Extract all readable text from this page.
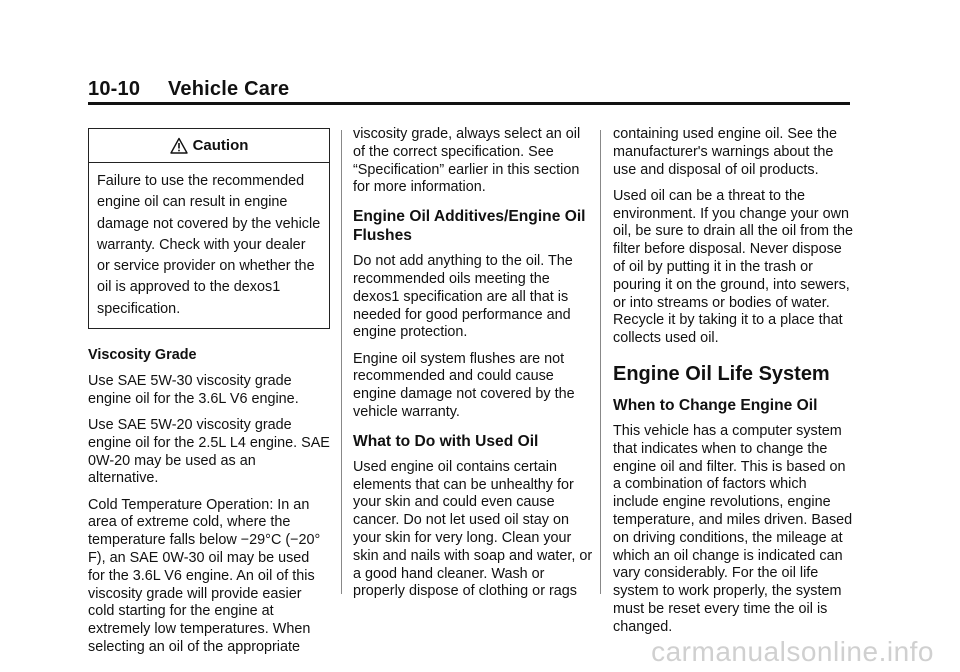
10-10 Vehicle Care
Caution
Failure to use the recommended engine oil can result in engine damage not covered by the vehicle warranty. Check with your dealer or service provider on whether the oil is approved to the dexos1 specification.

Viscosity Grade

Use SAE 5W-30 viscosity grade engine oil for the 3.6L V6 engine.

Use SAE 5W-20 viscosity grade engine oil for the 2.5L L4 engine. SAE 0W-20 may be used as an alternative.

Cold Temperature Operation: In an area of extreme cold, where the temperature falls below −29°C (−20° F), an SAE 0W-30 oil may be used for the 3.6L V6 engine. An oil of this viscosity grade will provide easier cold starting for the engine at extremely low temperatures. When selecting an oil of the appropriate

viscosity grade, always select an oil of the correct specification. See “Specification” earlier in this section for more information.

Engine Oil Additives/Engine Oil Flushes

Do not add anything to the oil. The recommended oils meeting the dexos1 specification are all that is needed for good performance and engine protection.

Engine oil system flushes are not recommended and could cause engine damage not covered by the vehicle warranty.

What to Do with Used Oil

Used engine oil contains certain elements that can be unhealthy for your skin and could even cause cancer. Do not let used oil stay on your skin for very long. Clean your skin and nails with soap and water, or a good hand cleaner. Wash or properly dispose of clothing or rags

containing used engine oil. See the manufacturer's warnings about the use and disposal of oil products.

Used oil can be a threat to the environment. If you change your own oil, be sure to drain all the oil from the filter before disposal. Never dispose of oil by putting it in the trash or pouring it on the ground, into sewers, or into streams or bodies of water. Recycle it by taking it to a place that collects used oil.

Engine Oil Life System
When to Change Engine Oil

This vehicle has a computer system that indicates when to change the engine oil and filter. This is based on a combination of factors which include engine revolutions, engine temperature, and miles driven. Based on driving conditions, the mileage at which an oil change is indicated can vary considerably. For the oil life system to work properly, the system must be reset every time the oil is changed.

carmanualsonline.info
